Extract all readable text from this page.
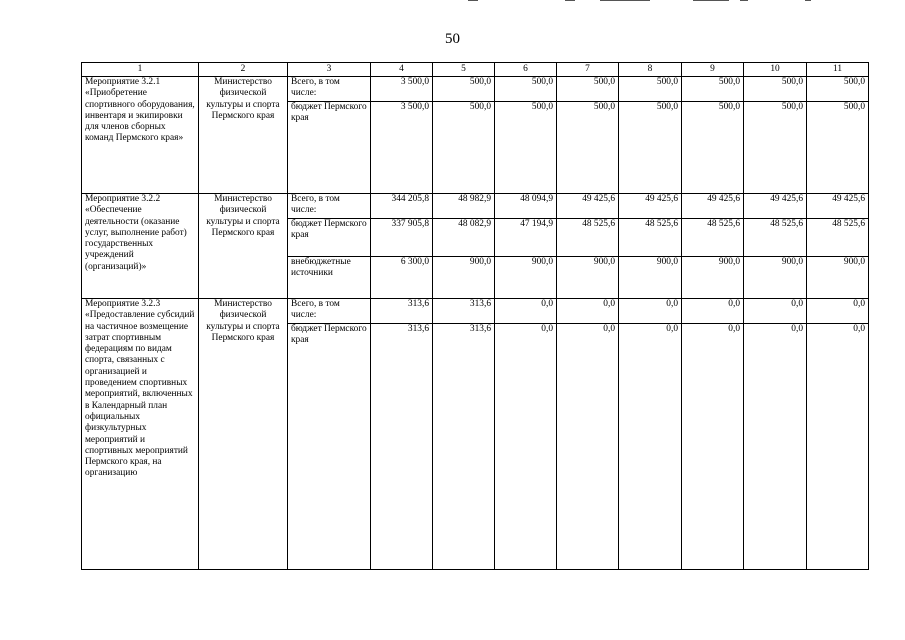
50
1	2	3	4	5	6	7	8	9	10	11
Мероприятие 3.2.1 «Приобретение спортивного оборудования, инвентаря и экипировки для членов сборных команд Пермского края»	Министерство физической культуры и спорта Пермского края	Всего, в том числе:	3 500,0	500,0	500,0	500,0	500,0	500,0	500,0	500,0
		бюджет Пермского края	3 500,0	500,0	500,0	500,0	500,0	500,0	500,0	500,0
Мероприятие 3.2.2 «Обеспечение деятельности (оказание услуг, выполнение работ) государственных учреждений (организаций)»	Министерство физической культуры и спорта Пермского края	Всего, в том числе:	344 205,8	48 982,9	48 094,9	49 425,6	49 425,6	49 425,6	49 425,6	49 425,6
		бюджет Пермского края	337 905,8	48 082,9	47 194,9	48 525,6	48 525,6	48 525,6	48 525,6	48 525,6
		внебюджетные источники	6 300,0	900,0	900,0	900,0	900,0	900,0	900,0	900,0
Мероприятие 3.2.3 «Предоставление субсидий на частичное возмещение затрат спортивным федерациям по видам спорта, связанных с организацией и проведением спортивных мероприятий, включенных в Календарный план официальных физкультурных мероприятий и спортивных мероприятий Пермского края, на организацию	Министерство физической культуры и спорта Пермского края	Всего, в том числе:	313,6	313,6	0,0	0,0	0,0	0,0	0,0	0,0
		бюджет Пермского края	313,6	313,6	0,0	0,0	0,0	0,0	0,0	0,0
